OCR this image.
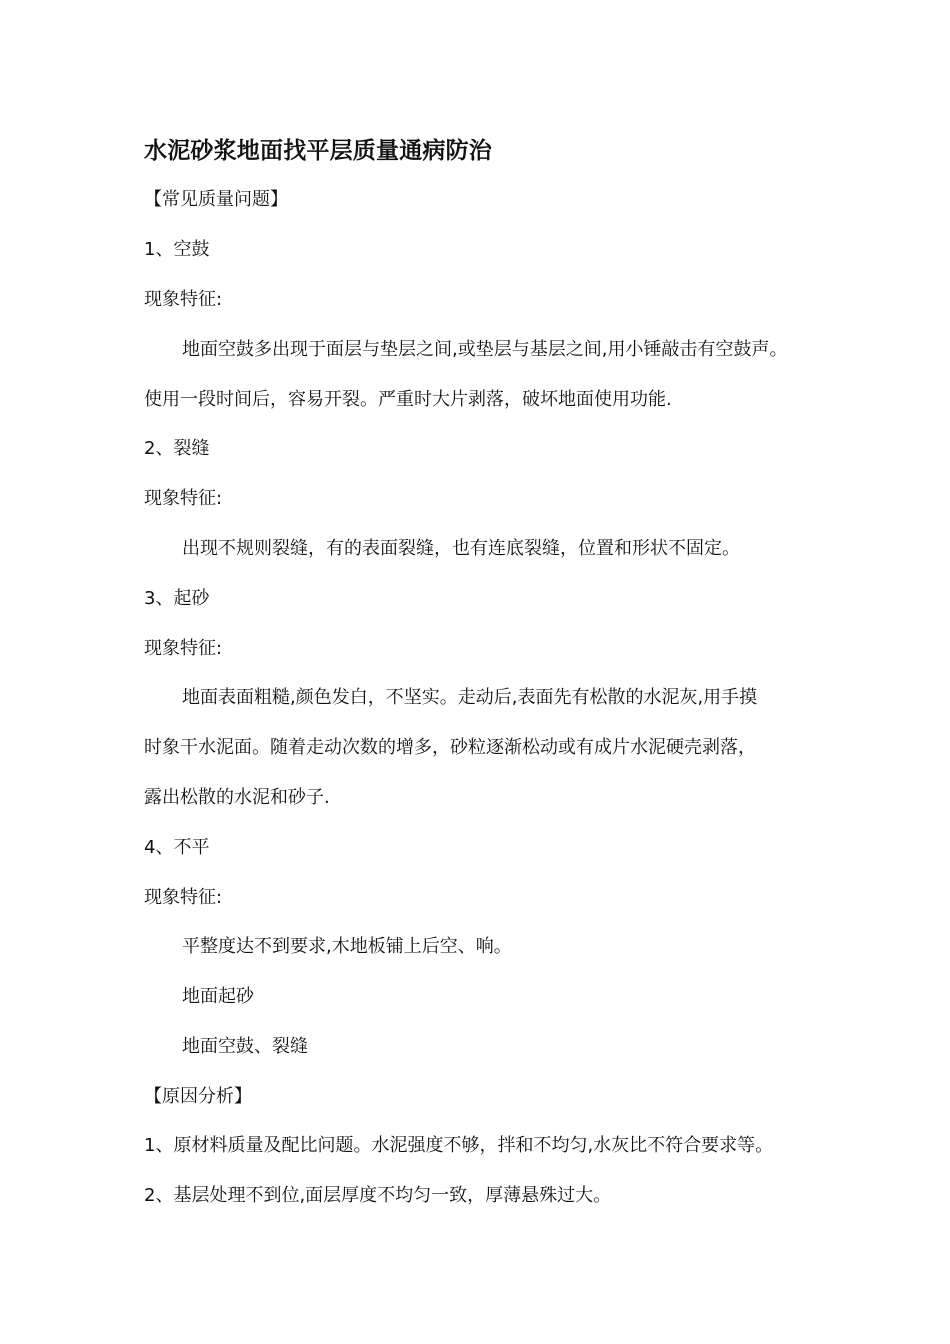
水泥砂浆地面找平层质量通病防治
【常见质量问题】
1、空鼓
现象特征:
地面空鼓多出现于面层与垫层之间,或垫层与基层之间,用小锤敲击有空鼓声。
使用一段时间后，容易开裂。严重时大片剥落，破坏地面使用功能.
2、裂缝
现象特征:
出现不规则裂缝，有的表面裂缝，也有连底裂缝，位置和形状不固定。
3、起砂
现象特征:
地面表面粗糙,颜色发白，不坚实。走动后,表面先有松散的水泥灰,用手摸
时象干水泥面。随着走动次数的增多，砂粒逐渐松动或有成片水泥硬壳剥落，
露出松散的水泥和砂子.
4、不平
现象特征:
平整度达不到要求,木地板铺上后空、响。
地面起砂
地面空鼓、裂缝
【原因分析】
1、原材料质量及配比问题。水泥强度不够，拌和不均匀,水灰比不符合要求等。
2、基层处理不到位,面层厚度不均匀一致，厚薄悬殊过大。
